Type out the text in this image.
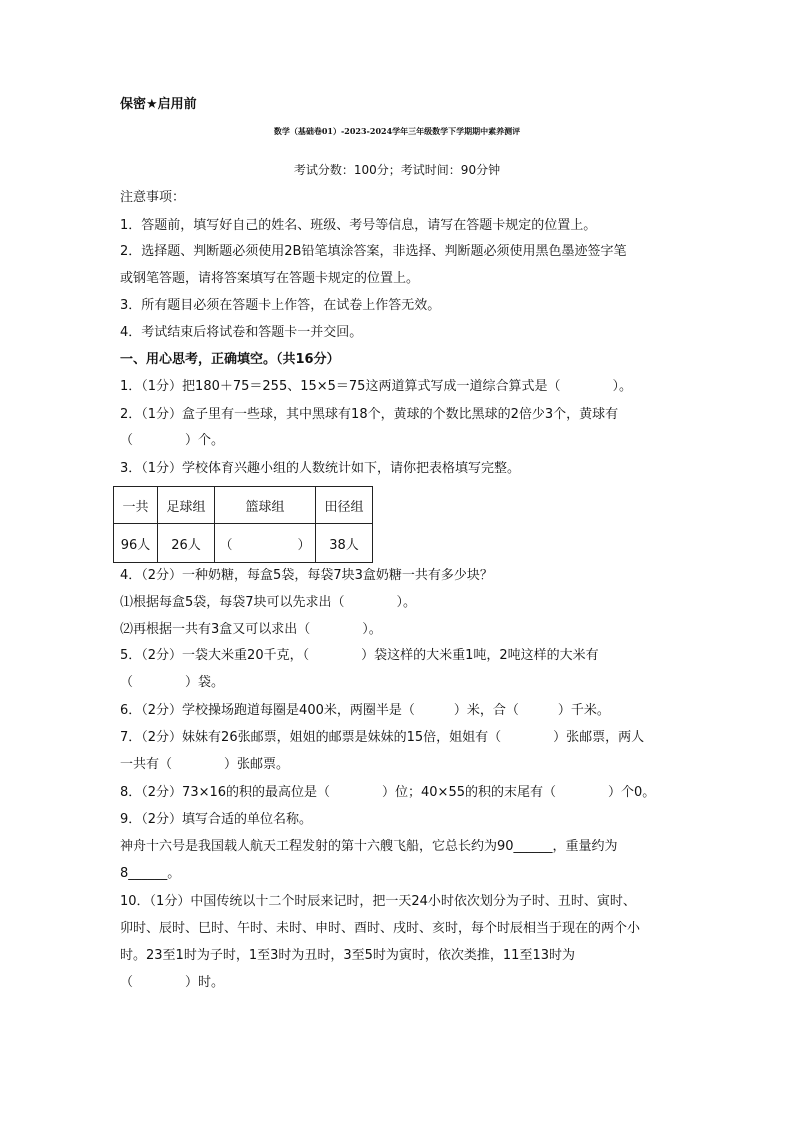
保密★启用前
数学（基础卷01）-2023-2024学年三年级数学下学期期中素养测评
考试分数：100分；考试时间：90分钟
注意事项：
1．答题前，填写好自己的姓名、班级、考号等信息，请写在答题卡规定的位置上。
2．选择题、判断题必须使用2B铅笔填涂答案，非选择、判断题必须使用黑色墨迹签字笔
或钢笔答题，请将答案填写在答题卡规定的位置上。
3．所有题目必须在答题卡上作答，在试卷上作答无效。
4．考试结束后将试卷和答题卡一并交回。
一、用心思考，正确填空。（共16分）
1．（1分）把180＋75＝255、15×5＝75这两道算式写成一道综合算式是（　　　　）。
2．（1分）盒子里有一些球，其中黑球有18个，黄球的个数比黑球的2倍少3个，黄球有
（　　　　）个。
3．（1分）学校体育兴趣小组的人数统计如下，请你把表格填写完整。
一共	足球组	篮球组	田径组
96人	26人	（　　　　　）	38人
4．（2分）一种奶糖，每盒5袋，每袋7块3盒奶糖一共有多少块？
⑴根据每盒5袋，每袋7块可以先求出（　　　　）。
⑵再根据一共有3盒又可以求出（　　　　）。
5．（2分）一袋大米重20千克，（　　　　）袋这样的大米重1吨，2吨这样的大米有
（　　　　）袋。
6．（2分）学校操场跑道每圈是400米，两圈半是（　　　）米，合（　　　）千米。
7．（2分）妹妹有26张邮票，姐姐的邮票是妹妹的15倍，姐姐有（　　　　）张邮票，两人
一共有（　　　　）张邮票。
8．（2分）73×16的积的最高位是（　　　　）位；40×55的积的末尾有（　　　　）个0。
9．（2分）填写合适的单位名称。
神舟十六号是我国载人航天工程发射的第十六艘飞船，它总长约为90______，重量约为
8______。
10．（1分）中国传统以十二个时辰来记时，把一天24小时依次划分为子时、丑时、寅时、
卯时、辰时、巳时、午时、未时、申时、酉时、戌时、亥时，每个时辰相当于现在的两个小
时。23至1时为子时，1至3时为丑时，3至5时为寅时，依次类推，11至13时为
（　　　　）时。
